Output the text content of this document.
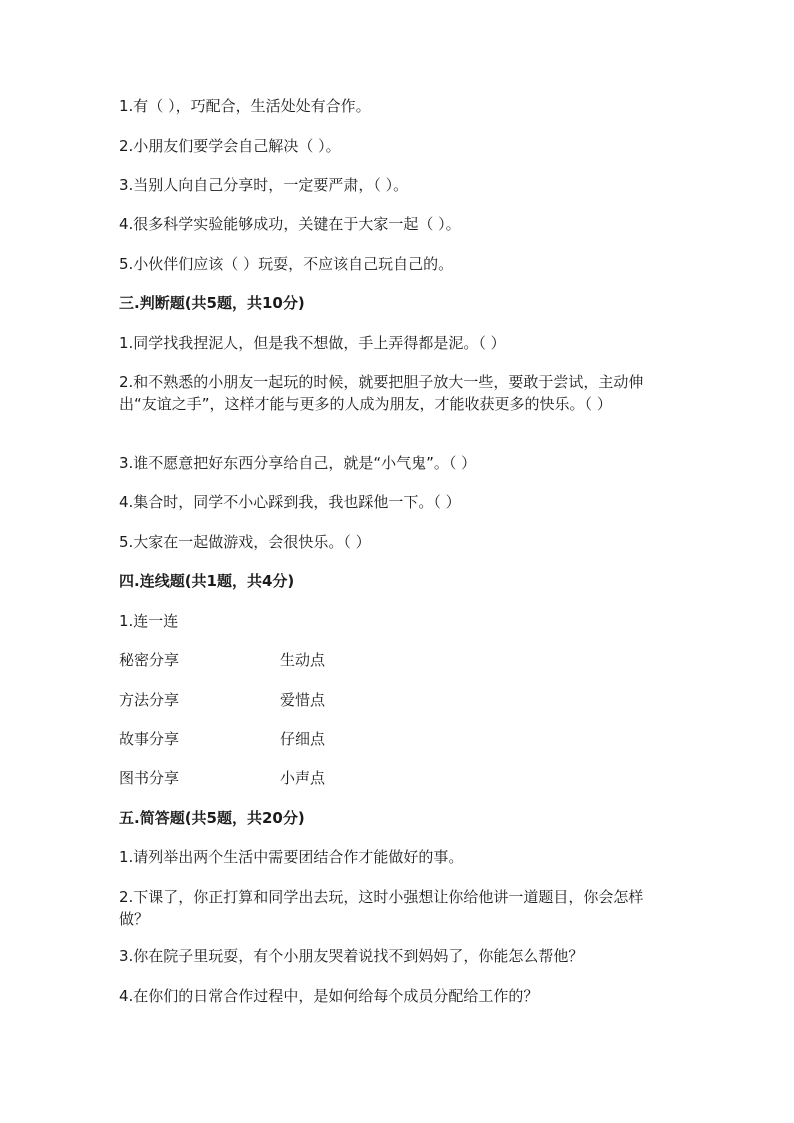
1.有（ ），巧配合，生活处处有合作。
2.小朋友们要学会自己解决（ ）。
3.当别人向自己分享时，一定要严肃，（ ）。
4.很多科学实验能够成功，关键在于大家一起（ ）。
5.小伙伴们应该（ ）玩耍，不应该自己玩自己的。
三.判断题(共5题，共10分)
1.同学找我捏泥人，但是我不想做，手上弄得都是泥。（ ）
2.和不熟悉的小朋友一起玩的时候，就要把胆子放大一些，要敢于尝试，主动伸出“友谊之手”，这样才能与更多的人成为朋友，才能收获更多的快乐。（ ）
3.谁不愿意把好东西分享给自己，就是“小气鬼”。（ ）
4.集合时，同学不小心踩到我，我也踩他一下。（ ）
5.大家在一起做游戏，会很快乐。（ ）
四.连线题(共1题，共4分)
1.连一连
秘密分享	生动点
方法分享	爱惜点
故事分享	仔细点
图书分享	小声点
五.简答题(共5题，共20分)
1.请列举出两个生活中需要团结合作才能做好的事。
2.下课了，你正打算和同学出去玩，这时小强想让你给他讲一道题目，你会怎样做？
3.你在院子里玩耍，有个小朋友哭着说找不到妈妈了，你能怎么帮他？
4.在你们的日常合作过程中，是如何给每个成员分配给工作的？
